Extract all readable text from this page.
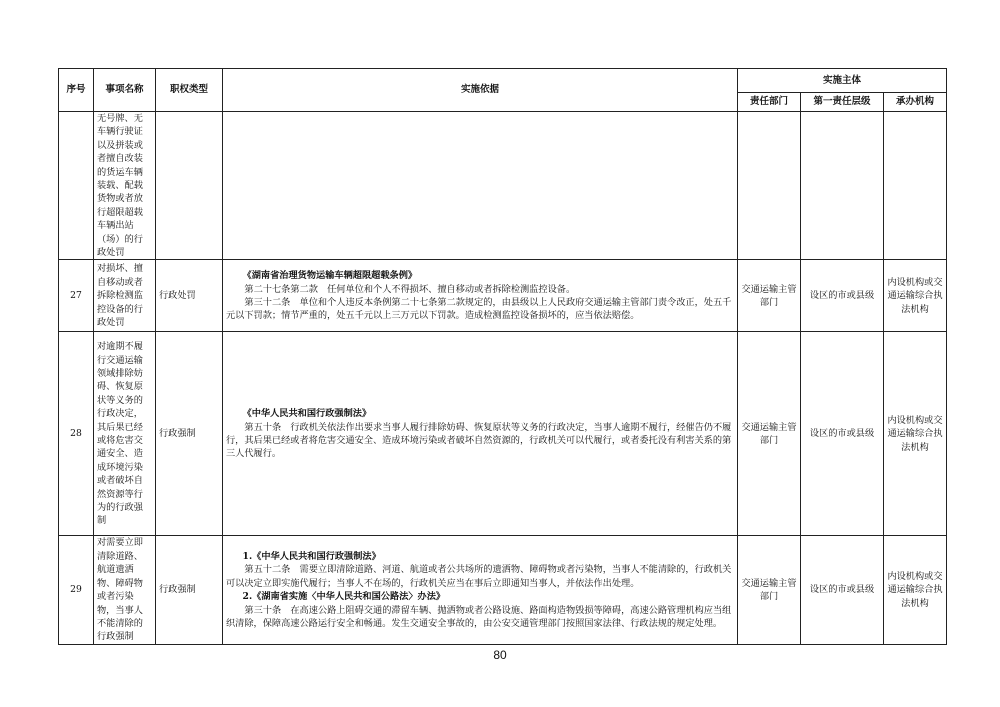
序号	事项名称	职权类型	实施依据	实施主体		
				责任部门	第一责任层级	承办机构
	无号牌、无车辆行驶证以及拼装或者擅自改装的货运车辆装载、配载货物或者放行超限超载车辆出站（场）的行政处罚					
27	对损坏、擅自移动或者拆除检测监控设备的行政处罚	行政处罚	《湖南省治理货物运输车辆超限超载条例》
第二十七条第二款　任何单位和个人不得损坏、擅自移动或者拆除检测监控设备。
第三十二条　单位和个人违反本条例第二十七条第二款规定的，由县级以上人民政府交通运输主管部门责令改正，处五千元以下罚款；情节严重的，处五千元以上三万元以下罚款。造成检测监控设备损坏的，应当依法赔偿。	交通运输主管部门	设区的市或县级	内设机构或交通运输综合执法机构
28	对逾期不履行交通运输领域排除妨碍、恢复原状等义务的行政决定，其后果已经或将危害交通安全、造成环境污染或者破坏自然资源等行为的行政强制	行政强制	《中华人民共和国行政强制法》
第五十条　行政机关依法作出要求当事人履行排除妨碍、恢复原状等义务的行政决定，当事人逾期不履行，经催告仍不履行，其后果已经或者将危害交通安全、造成环境污染或者破坏自然资源的，行政机关可以代履行，或者委托没有利害关系的第三人代履行。	交通运输主管部门	设区的市或县级	内设机构或交通运输综合执法机构
29	对需要立即清除道路、航道遗洒物、障碍物或者污染物，当事人不能清除的行政强制	行政强制	1.《中华人民共和国行政强制法》
第五十二条　需要立即清除道路、河道、航道或者公共场所的遗洒物、障碍物或者污染物，当事人不能清除的，行政机关可以决定立即实施代履行；当事人不在场的，行政机关应当在事后立即通知当事人，并依法作出处理。
2.《湖南省实施〈中华人民共和国公路法〉办法》
第三十条　在高速公路上阻碍交通的滞留车辆、抛洒物或者公路设施、路面构造物毁损等障碍，高速公路管理机构应当组织清除，保障高速公路运行安全和畅通。发生交通安全事故的，由公安交通管理部门按照国家法律、行政法规的规定处理。	交通运输主管部门	设区的市或县级	内设机构或交通运输综合执法机构
80
